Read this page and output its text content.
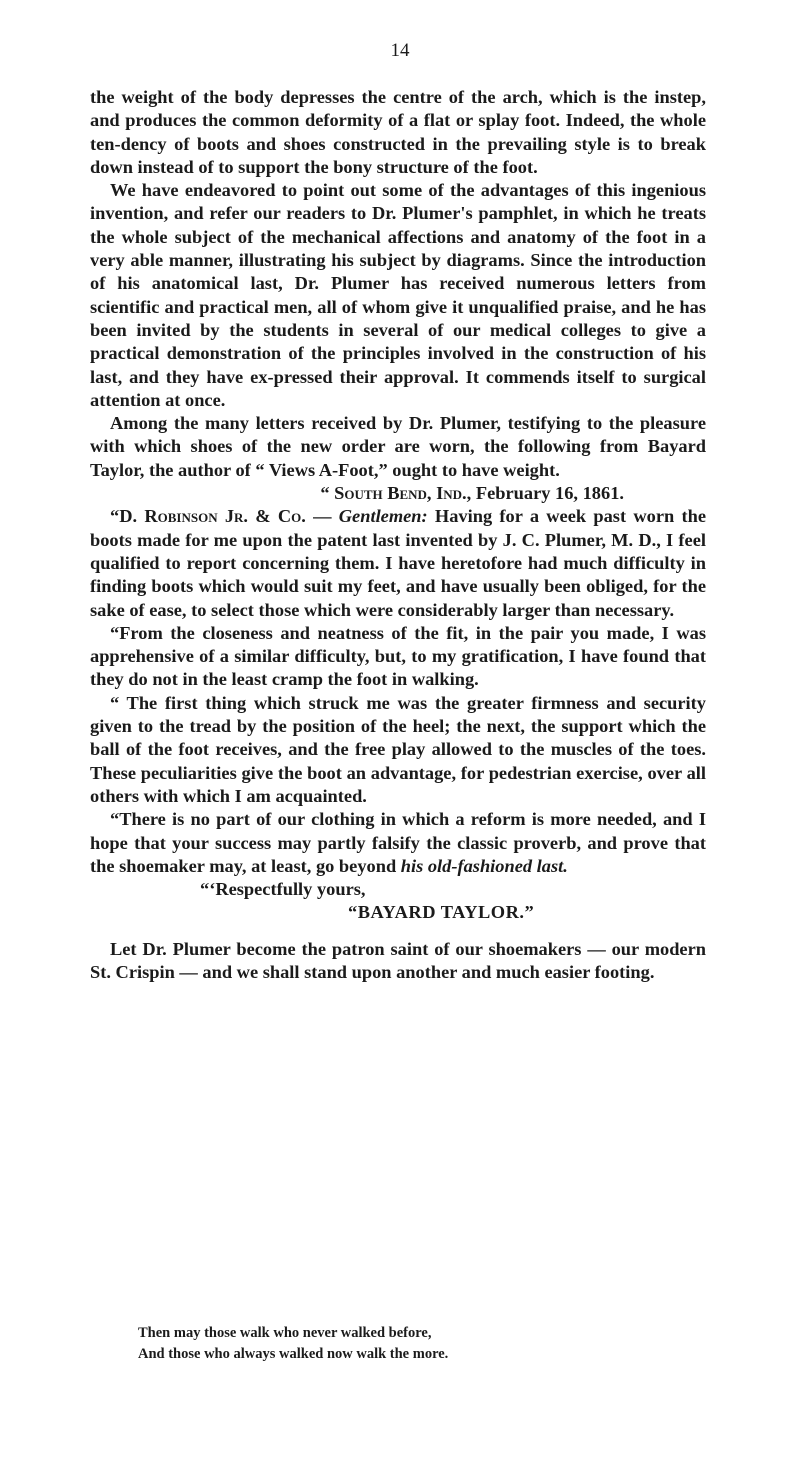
14

the weight of the body depresses the centre of the arch, which is the instep, and produces the common deformity of a flat or splay foot. Indeed, the whole ten-dency of boots and shoes constructed in the prevailing style is to break down instead of to support the bony structure of the foot.

We have endeavored to point out some of the advantages of this ingenious invention, and refer our readers to Dr. Plumer's pamphlet, in which he treats the whole subject of the mechanical affections and anatomy of the foot in a very able manner, illustrating his subject by diagrams. Since the introduction of his anatomical last, Dr. Plumer has received numerous letters from scientific and practical men, all of whom give it unqualified praise, and he has been invited by the students in several of our medical colleges to give a practical demonstration of the principles involved in the construction of his last, and they have ex-pressed their approval. It commends itself to surgical attention at once.

Among the many letters received by Dr. Plumer, testifying to the pleasure with which shoes of the new order are worn, the following from Bayard Taylor, the author of “ Views A-Foot,” ought to have weight.

“ South Bend, Ind., February 16, 1861.

“D. Robinson Jr. & Co. — Gentlemen: Having for a week past worn the boots made for me upon the patent last invented by J. C. Plumer, M. D., I feel qualified to report concerning them. I have heretofore had much difficulty in finding boots which would suit my feet, and have usually been obliged, for the sake of ease, to select those which were considerably larger than necessary.

“From the closeness and neatness of the fit, in the pair you made, I was apprehensive of a similar difficulty, but, to my gratification, I have found that they do not in the least cramp the foot in walking.

“ The first thing which struck me was the greater firmness and security given to the tread by the position of the heel; the next, the support which the ball of the foot receives, and the free play allowed to the muscles of the toes. These peculiarities give the boot an advantage, for pedestrian exercise, over all others with which I am acquainted.

“There is no part of our clothing in which a reform is more needed, and I hope that your success may partly falsify the classic proverb, and prove that the shoemaker may, at least, go beyond his old-fashioned last.

“‘Respectfully yours,

“BAYARD TAYLOR.”

Let Dr. Plumer become the patron saint of our shoemakers — our modern St. Crispin — and we shall stand upon another and much easier footing.

Then may those walk who never walked before,
And those who always walked now walk the more.
